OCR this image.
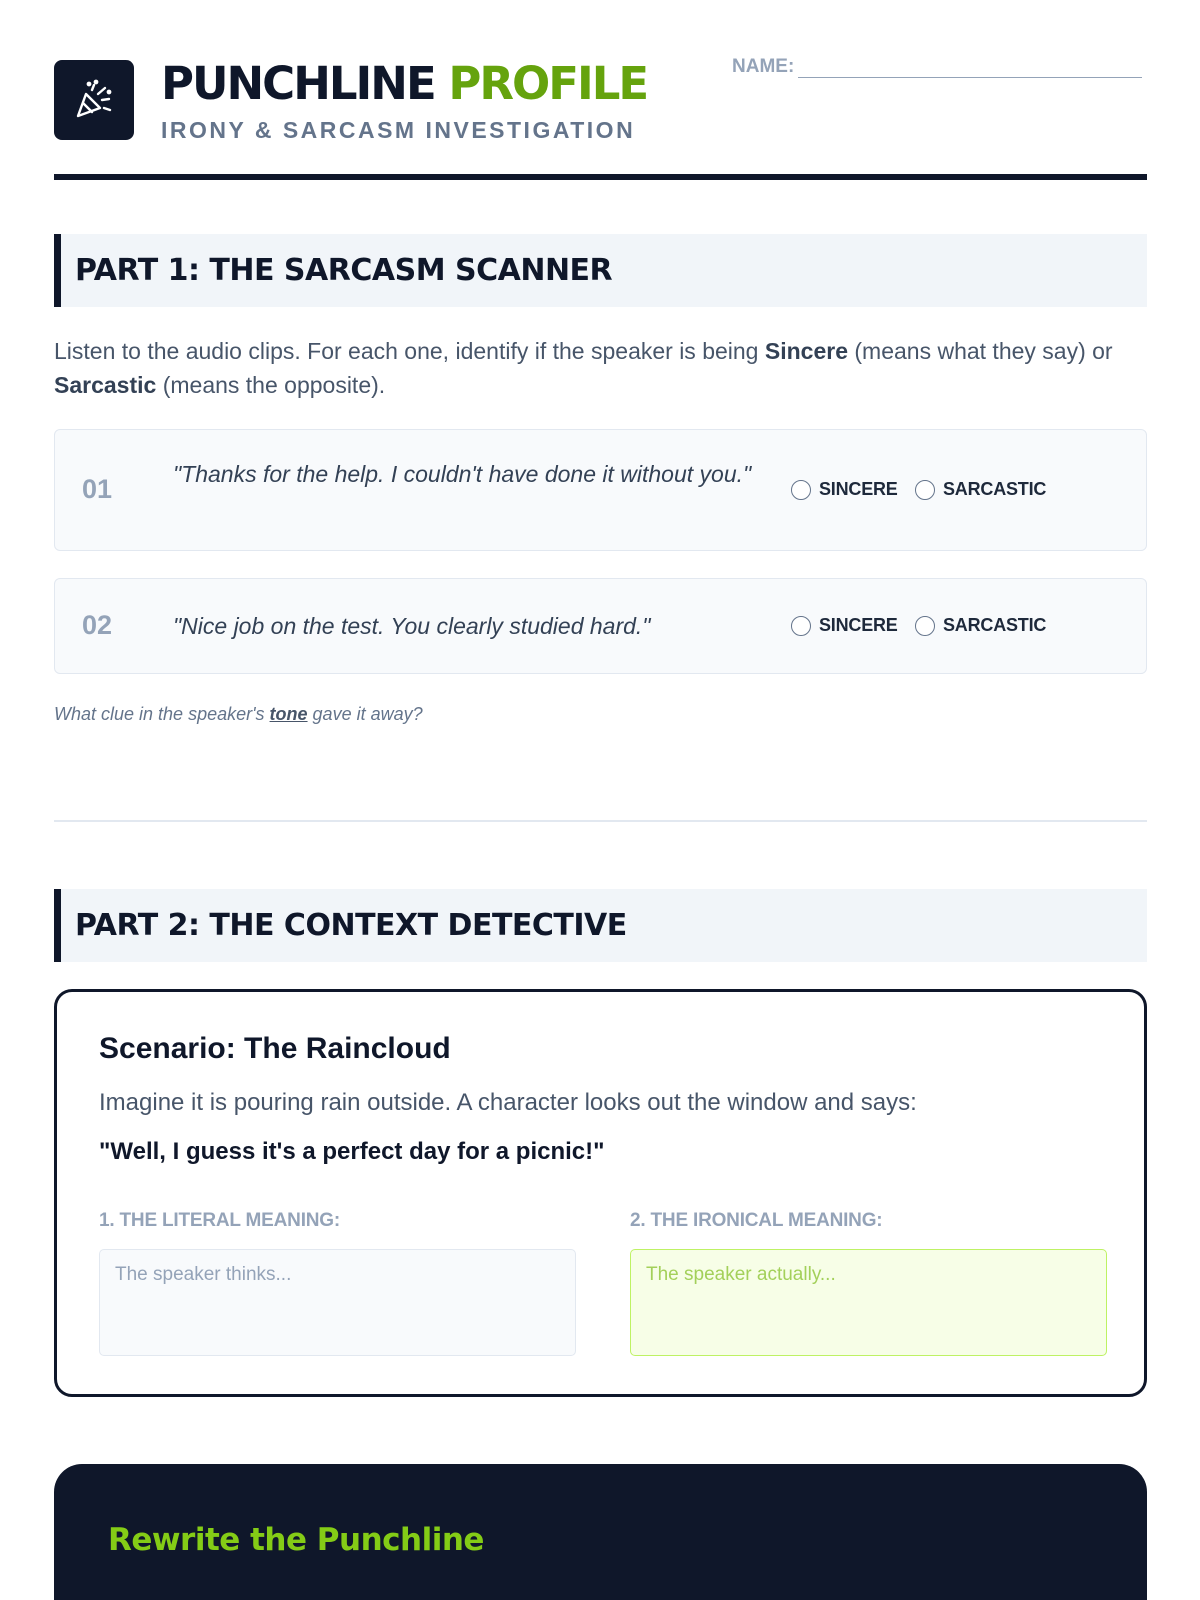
PUNCHLINE PROFILE
IRONY & SARCASM INVESTIGATION
NAME:
PART 1: THE SARCASM SCANNER

Listen to the audio clips. For each one, identify if the speaker is being Sincere (means what they say) or Sarcastic (means the opposite).

01	"Thanks for the help. I couldn't have done it without you."
SINCERE	SARCASTIC
02	"Nice job on the test. You clearly studied hard."	SINCERE	SARCASTIC

What clue in the speaker's tone gave it away?

PART 2: THE CONTEXT DETECTIVE
Scenario: The Raincloud
Imagine it is pouring rain outside. A character looks out the window and says:
"Well, I guess it's a perfect day for a picnic!"
1. THE LITERAL MEANING:	2. THE IRONICAL MEANING:
The speaker thinks...
The speaker actually...
Rewrite the Punchline
